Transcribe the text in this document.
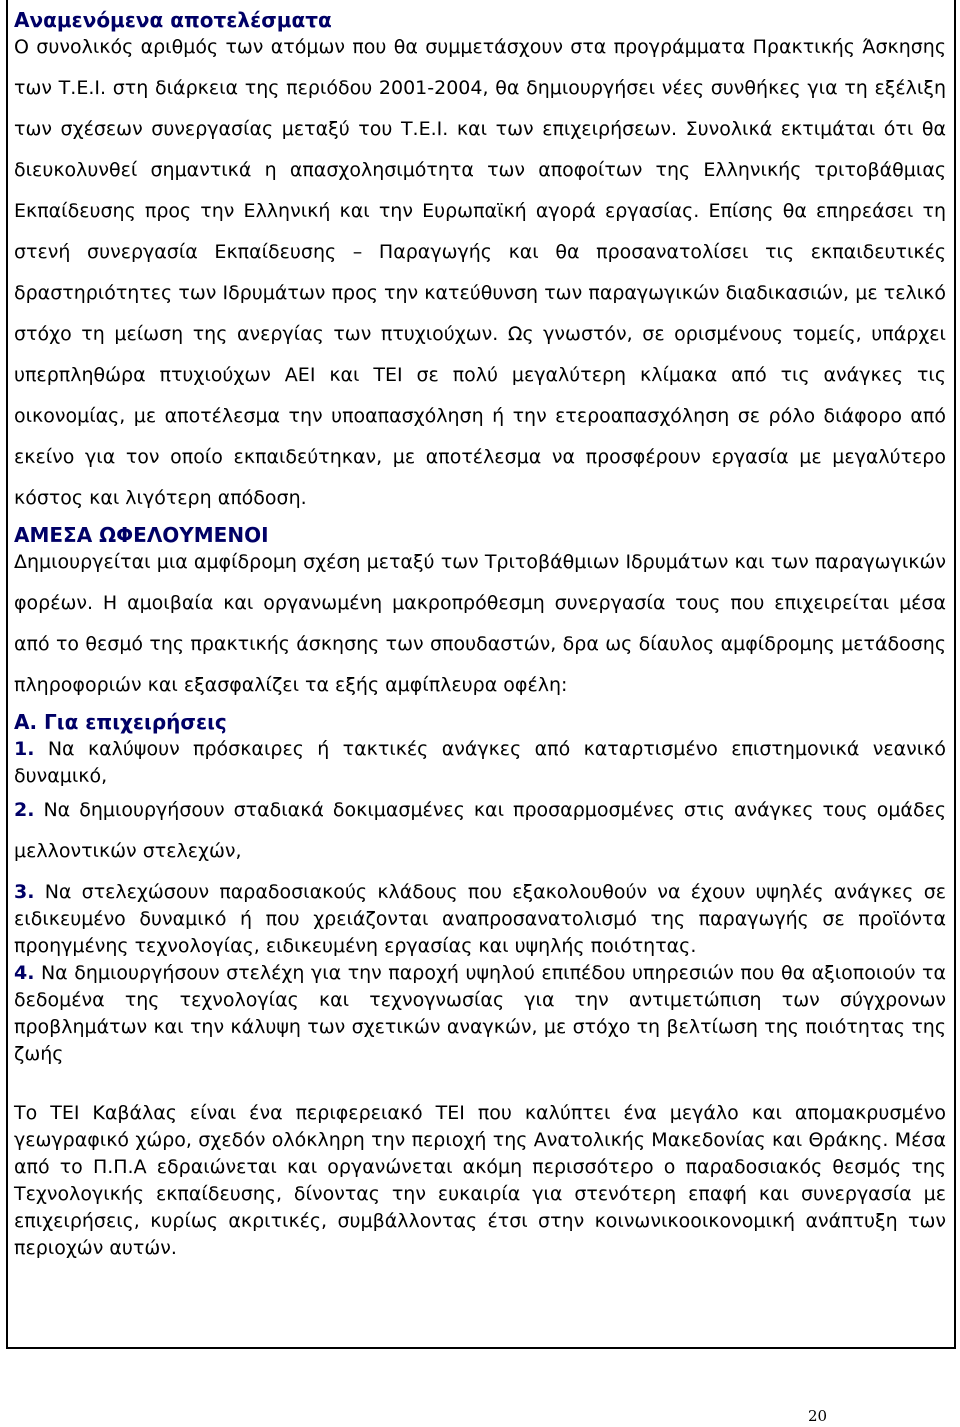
Αναμενόμενα αποτελέσματα

Ο συνολικός αριθμός των ατόμων που θα συμμετάσχουν στα προγράμματα Πρακτικής Άσκησης των Τ.Ε.Ι. στη διάρκεια της περιόδου 2001-2004, θα δημιουργήσει νέες συνθήκες για τη εξέλιξη των σχέσεων συνεργασίας μεταξύ του Τ.Ε.Ι. και των επιχειρήσεων. Συνολικά εκτιμάται ότι θα διευκολυνθεί σημαντικά η απασχολησιμότητα των αποφοίτων της Ελληνικής τριτοβάθμιας Εκπαίδευσης προς την Ελληνική και την Ευρωπαϊκή αγορά εργασίας. Επίσης θα επηρεάσει τη στενή συνεργασία Εκπαίδευσης – Παραγωγής και θα προσανατολίσει τις εκπαιδευτικές δραστηριότητες των Ιδρυμάτων προς την κατεύθυνση των παραγωγικών διαδικασιών, με τελικό στόχο τη μείωση της ανεργίας των πτυχιούχων. Ως γνωστόν, σε ορισμένους τομείς, υπάρχει υπερπληθώρα πτυχιούχων ΑΕΙ και ΤΕΙ σε πολύ μεγαλύτερη κλίμακα από τις ανάγκες τις οικονομίας, με αποτέλεσμα την υποαπασχόληση ή την ετεροαπασχόληση σε ρόλο διάφορο από εκείνο για τον οποίο εκπαιδεύτηκαν, με αποτέλεσμα να προσφέρουν εργασία με μεγαλύτερο κόστος και λιγότερη απόδοση.

ΑΜΕΣΑ ΩΦΕΛΟΥΜΕΝΟΙ

Δημιουργείται μια αμφίδρομη σχέση μεταξύ των Τριτοβάθμιων Ιδρυμάτων και των παραγωγικών φορέων. Η αμοιβαία και οργανωμένη μακροπρόθεσμη συνεργασία τους που επιχειρείται μέσα από το θεσμό της πρακτικής άσκησης των σπουδαστών, δρα ως δίαυλος αμφίδρομης μετάδοσης πληροφοριών και εξασφαλίζει τα εξής αμφίπλευρα οφέλη:

Α. Για επιχειρήσεις

1. Να καλύψουν πρόσκαιρες ή τακτικές ανάγκες από καταρτισμένο επιστημονικά νεανικό δυναμικό,

2. Να δημιουργήσουν σταδιακά δοκιμασμένες και προσαρμοσμένες στις ανάγκες τους ομάδες μελλοντικών στελεχών,

3. Να στελεχώσουν παραδοσιακούς κλάδους που εξακολουθούν να έχουν υψηλές ανάγκες σε ειδικευμένο δυναμικό ή που χρειάζονται αναπροσανατολισμό της παραγωγής σε προϊόντα προηγμένης τεχνολογίας, ειδικευμένη εργασίας και υψηλής ποιότητας.

4. Να δημιουργήσουν στελέχη για την παροχή υψηλού επιπέδου υπηρεσιών που θα αξιοποιούν τα δεδομένα της τεχνολογίας και τεχνογνωσίας για την αντιμετώπιση των σύγχρονων προβλημάτων και την κάλυψη των σχετικών αναγκών, με στόχο τη βελτίωση της ποιότητας της ζωής

Το ΤΕΙ Καβάλας είναι ένα περιφερειακό ΤΕΙ που καλύπτει ένα μεγάλο και απομακρυσμένο γεωγραφικό χώρο, σχεδόν ολόκληρη την περιοχή της Ανατολικής Μακεδονίας και Θράκης. Μέσα από το Π.Π.Α εδραιώνεται και οργανώνεται ακόμη περισσότερο ο παραδοσιακός θεσμός της Τεχνολογικής εκπαίδευσης, δίνοντας την ευκαιρία για στενότερη επαφή και συνεργασία με επιχειρήσεις, κυρίως ακριτικές, συμβάλλοντας έτσι στην κοινωνικοοικονομική ανάπτυξη των περιοχών αυτών.

20
